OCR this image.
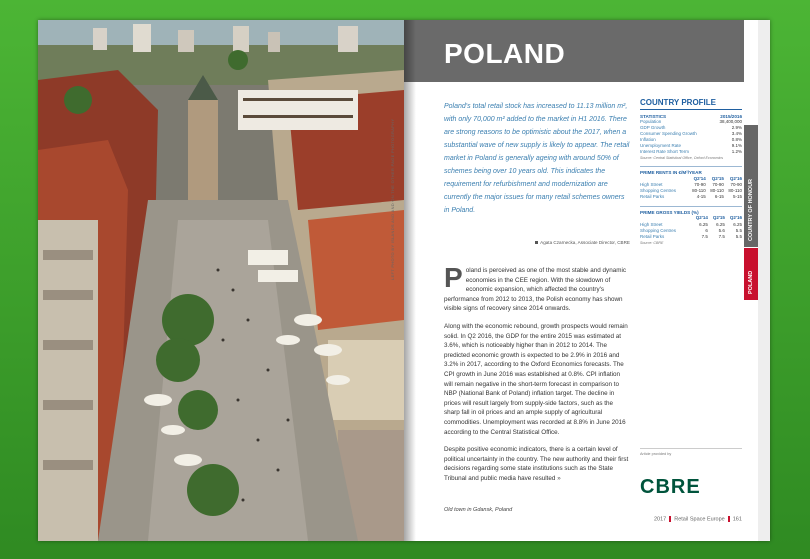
LEFT PHOTO BY ISLANDS AND AND ON THE OTHER PAGE PHOTOGRAPHY
POLAND
Poland's total retail stock has increased to 11.13 million m², with only 70,000 m² added to the market in H1 2016. There are strong reasons to be optimistic about the 2017, when a substantial wave of new supply is likely to appear. The retail market in Poland is generally ageing with around 50% of schemes being over 10 years old. This indicates the requirement for refurbishment and modernization are currently the major issues for many retail schemes owners in Poland.
Agata Czarnecka, Associate Director, CBRE

Poland is perceived as one of the most stable and dynamic economies in the CEE region. With the slowdown of economic expansion, which affected the country's performance from 2012 to 2013, the Polish economy has shown visible signs of recovery since 2014 onwards.

Along with the economic rebound, growth prospects would remain solid. In Q2 2016, the GDP for the entire 2015 was estimated at 3.6%, which is noticeably higher than in 2012 to 2014. The predicted economic growth is expected to be 2.9% in 2016 and 3.2% in 2017, according to the Oxford Economics forecasts. The CPI growth in June 2016 was established at 0.8%. CPI inflation will remain negative in the short-term forecast in comparison to NBP (National Bank of Poland) inflation target. The decline in prices will result largely from supply-side factors, such as the sharp fall in oil prices and an ample supply of agricultural commodities. Unemployment was recorded at 8.8% in June 2016 according to the Central Statistical Office.

Despite positive economic indicators, there is a certain level of political uncertainty in the country. The new authority and their first decisions regarding some state institutions such as the State Tribunal and public media have resulted »

Old town in Gdansk, Poland
COUNTRY PROFILE
STATISTICS	2015/2016
Population	38,400,000
GDP Growth	2.9%
Consumer Spending Growth	3.4%
Inflation	0.8%
Unemployment Rate	9.1%
Interest Rate Short Term	1.2%
Source: Central Statistical Office, Oxford Economics
PRIME RENTS IN €/M²/YEAR
	Q2'14	Q2'15	Q2'16
High Street	70-90	70-90	70-90
Shopping Centres	80-110	80-110	80-110
Retail Parks	4-15	6-15	5-15
PRIME GROSS YIELDS (%)
	Q2'14	Q2'15	Q2'16
High Street	6.25	6.25	6.25
Shopping Centres	6	5.6	5.5
Retail Parks	7.5	7.5	5.5
Source: CBRE
Article provided by
CBRE
2017 Retail Space Europe 161
COUNTRY OF HONOUR
POLAND
